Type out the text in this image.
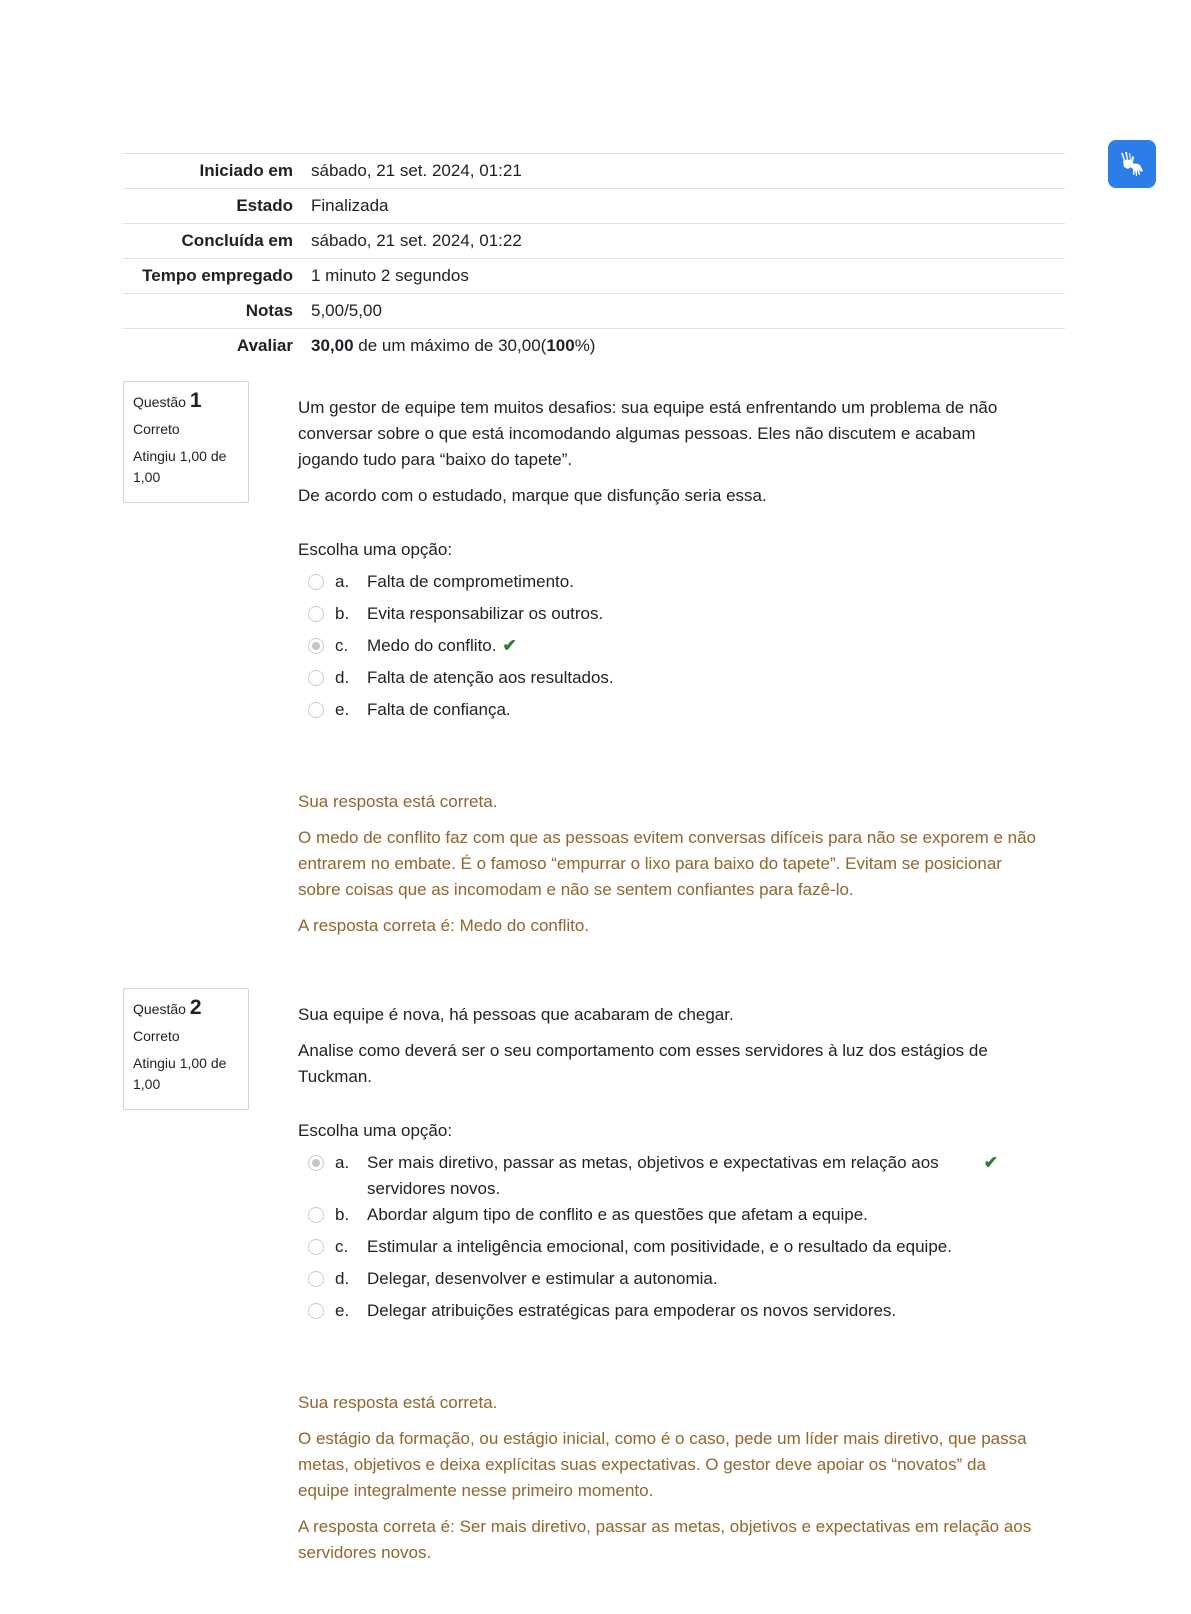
Iniciado em	sábado, 21 set. 2024, 01:21
Estado	Finalizada
Concluída em	sábado, 21 set. 2024, 01:22
Tempo empregado	1 minuto 2 segundos
Notas	5,00/5,00
Avaliar	30,00 de um máximo de 30,00(100%)
Questão 1
Correto
Atingiu 1,00 de 1,00

Um gestor de equipe tem muitos desafios: sua equipe está enfrentando um problema de não conversar sobre o que está incomodando algumas pessoas. Eles não discutem e acabam jogando tudo para “baixo do tapete”.

De acordo com o estudado, marque que disfunção seria essa.

Escolha uma opção:

a.	Falta de comprometimento.
b.	Evita responsabilizar os outros.
c.	Medo do conflito. ✔
d.	Falta de atenção aos resultados.
e.	Falta de confiança.

Sua resposta está correta.

O medo de conflito faz com que as pessoas evitem conversas difíceis para não se exporem e não entrarem no embate. É o famoso “empurrar o lixo para baixo do tapete”. Evitam se posicionar sobre coisas que as incomodam e não se sentem confiantes para fazê-lo.

A resposta correta é: Medo do conflito.

Questão 2
Correto
Atingiu 1,00 de 1,00

Sua equipe é nova, há pessoas que acabaram de chegar.

Analise como deverá ser o seu comportamento com esses servidores à luz dos estágios de Tuckman.

Escolha uma opção:

a.	Ser mais diretivo, passar as metas, objetivos e expectativas em relação aos servidores novos.
✔
b.	Abordar algum tipo de conflito e as questões que afetam a equipe.
c.	Estimular a inteligência emocional, com positividade, e o resultado da equipe.
d.	Delegar, desenvolver e estimular a autonomia.
e.	Delegar atribuições estratégicas para empoderar os novos servidores.

Sua resposta está correta.

O estágio da formação, ou estágio inicial, como é o caso, pede um líder mais diretivo, que passa metas, objetivos e deixa explícitas suas expectativas. O gestor deve apoiar os “novatos” da equipe integralmente nesse primeiro momento.

A resposta correta é: Ser mais diretivo, passar as metas, objetivos e expectativas em relação aos servidores novos.
